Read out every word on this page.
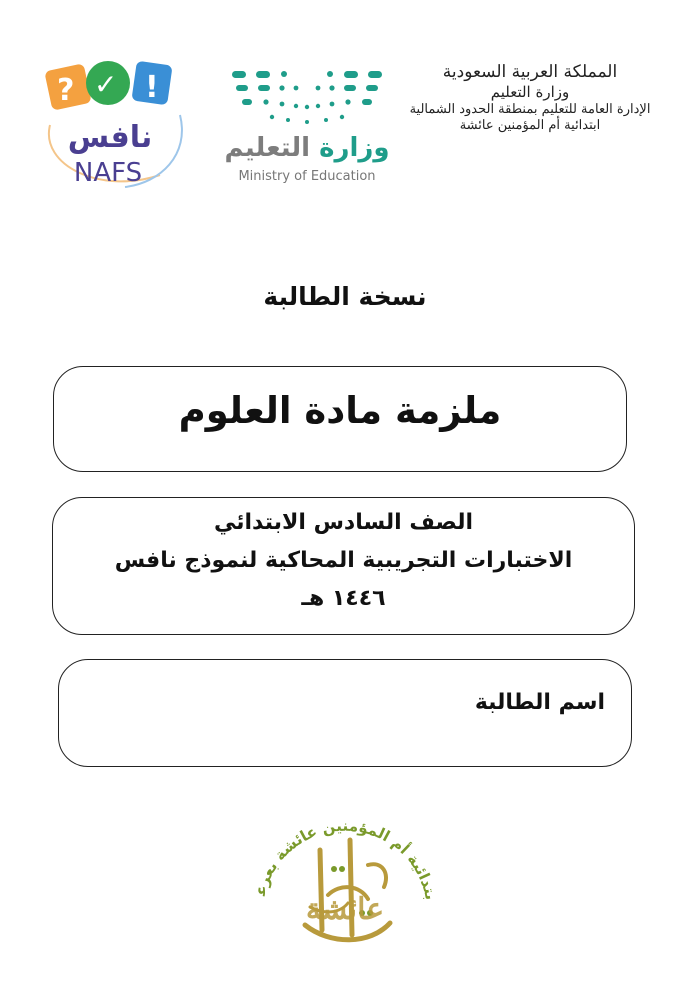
? ✓ !
نافس
NAFS
وزارة التعليم
Ministry of Education
المملكة العربية السعودية
وزارة التعليم
الإدارة العامة للتعليم بمنطقة الحدود الشمالية
ابتدائية أم المؤمنين عائشة
نسخة الطالبة
ملزمة مادة العلوم
الصف السادس الابتدائي
الاختبارات التجريبية المحاكية لنموذج نافس
١٤٤٦ هـ
اسم الطالبة
بتدائية أم المؤمنين عائشة بعرع
عائشة
